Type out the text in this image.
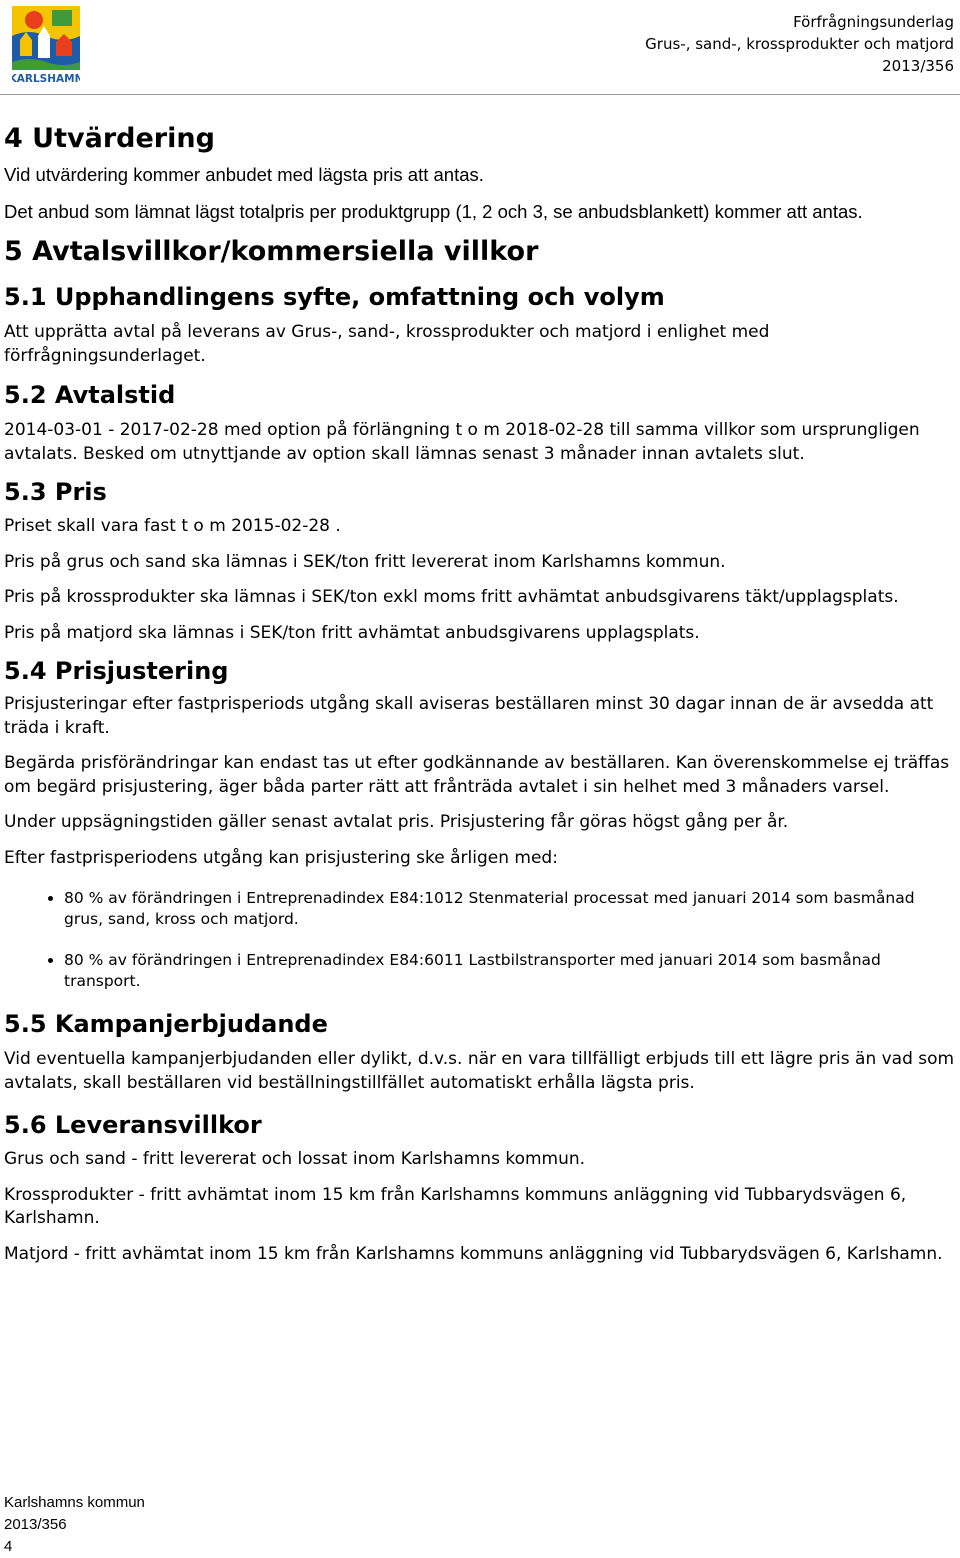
KARLSHAMN
Förfrågningsunderlag
Grus-, sand-, krossprodukter och matjord
2013/356
4 Utvärdering

Vid utvärdering kommer anbudet med lägsta pris att antas.

Det anbud som lämnat lägst totalpris per produktgrupp (1, 2 och 3, se anbudsblankett) kommer att antas.

5 Avtalsvillkor/kommersiella villkor
5.1 Upphandlingens syfte, omfattning och volym

Att upprätta avtal på leverans av Grus-, sand-, krossprodukter och matjord i enlighet med förfrågningsunderlaget.

5.2 Avtalstid

2014-03-01 - 2017-02-28 med option på förlängning t o m 2018-02-28 till samma villkor som ursprungligen avtalats. Besked om utnyttjande av option skall lämnas senast 3 månader innan avtalets slut.

5.3 Pris

Priset skall vara fast t o m 2015-02-28 .

Pris på grus och sand ska lämnas i SEK/ton fritt levererat inom Karlshamns kommun.

Pris på krossprodukter ska lämnas i SEK/ton exkl moms fritt avhämtat anbudsgivarens täkt/upplagsplats.

Pris på matjord ska lämnas i SEK/ton fritt avhämtat anbudsgivarens upplagsplats.

5.4 Prisjustering

Prisjusteringar efter fastprisperiods utgång skall aviseras beställaren minst 30 dagar innan de är avsedda att träda i kraft.

Begärda prisförändringar kan endast tas ut efter godkännande av beställaren. Kan överenskommelse ej träffas om begärd prisjustering, äger båda parter rätt att frånträda avtalet i sin helhet med 3 månaders varsel.

Under uppsägningstiden gäller senast avtalat pris. Prisjustering får göras högst gång per år.

Efter fastprisperiodens utgång kan prisjustering ske årligen med:

• 80 % av förändringen i Entreprenadindex E84:1012 Stenmaterial processat med januari 2014 som basmånad grus, sand, kross och matjord.
• 80 % av förändringen i Entreprenadindex E84:6011 Lastbilstransporter med januari 2014 som basmånad transport.
5.5 Kampanjerbjudande

Vid eventuella kampanjerbjudanden eller dylikt, d.v.s. när en vara tillfälligt erbjuds till ett lägre pris än vad som avtalats, skall beställaren vid beställningstillfället automatiskt erhålla lägsta pris.

5.6 Leveransvillkor

Grus och sand - fritt levererat och lossat inom Karlshamns kommun.

Krossprodukter - fritt avhämtat inom 15 km från Karlshamns kommuns anläggning vid Tubbarydsvägen 6, Karlshamn.

Matjord - fritt avhämtat inom 15 km från Karlshamns kommuns anläggning vid Tubbarydsvägen 6, Karlshamn.

Karlshamns kommun
2013/356
4
